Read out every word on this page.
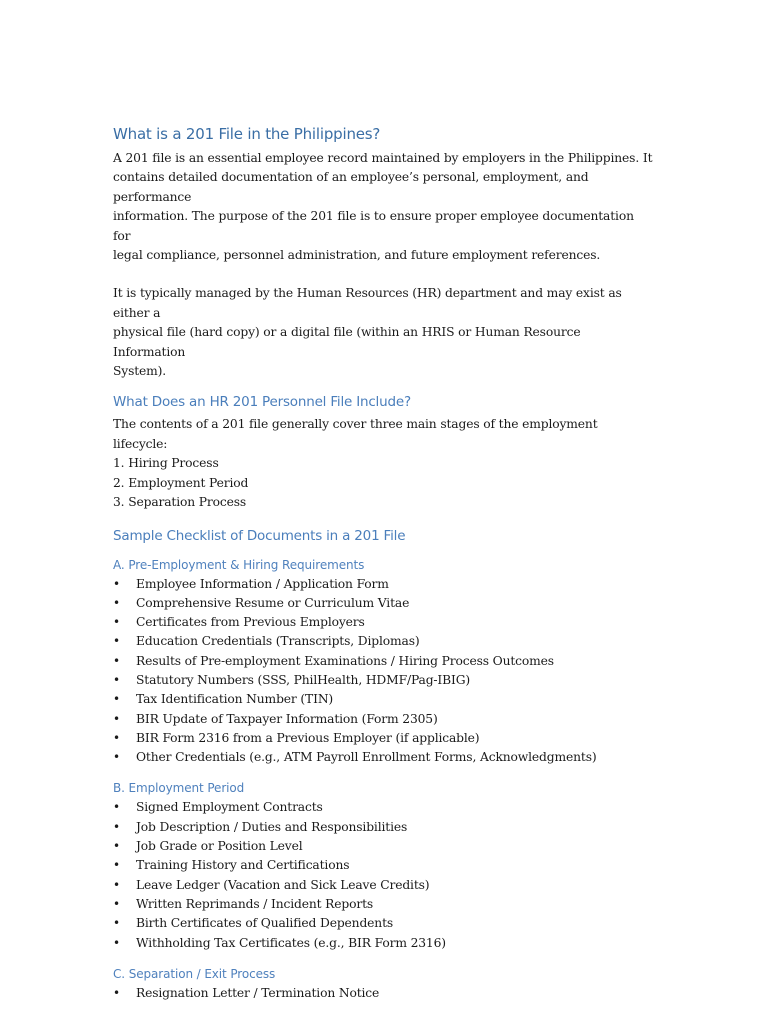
What is a 201 File in the Philippines?

A 201 file is an essential employee record maintained by employers in the Philippines. It

contains detailed documentation of an employee’s personal, employment, and performance

information. The purpose of the 201 file is to ensure proper employee documentation for

legal compliance, personnel administration, and future employment references.

It is typically managed by the Human Resources (HR) department and may exist as either a

physical file (hard copy) or a digital file (within an HRIS or Human Resource Information

System).

What Does an HR 201 Personnel File Include?

The contents of a 201 file generally cover three main stages of the employment lifecycle:

1. Hiring Process

2. Employment Period

3. Separation Process

Sample Checklist of Documents in a 201 File
A. Pre-Employment & Hiring Requirements
• Employee Information / Application Form
• Comprehensive Resume or Curriculum Vitae
• Certificates from Previous Employers
• Education Credentials (Transcripts, Diplomas)
• Results of Pre-employment Examinations / Hiring Process Outcomes
• Statutory Numbers (SSS, PhilHealth, HDMF/Pag-IBIG)
• Tax Identification Number (TIN)
• BIR Update of Taxpayer Information (Form 2305)
• BIR Form 2316 from a Previous Employer (if applicable)
• Other Credentials (e.g., ATM Payroll Enrollment Forms, Acknowledgments)
B. Employment Period
• Signed Employment Contracts
• Job Description / Duties and Responsibilities
• Job Grade or Position Level
• Training History and Certifications
• Leave Ledger (Vacation and Sick Leave Credits)
• Written Reprimands / Incident Reports
• Birth Certificates of Qualified Dependents
• Withholding Tax Certificates (e.g., BIR Form 2316)
C. Separation / Exit Process
• Resignation Letter / Termination Notice
